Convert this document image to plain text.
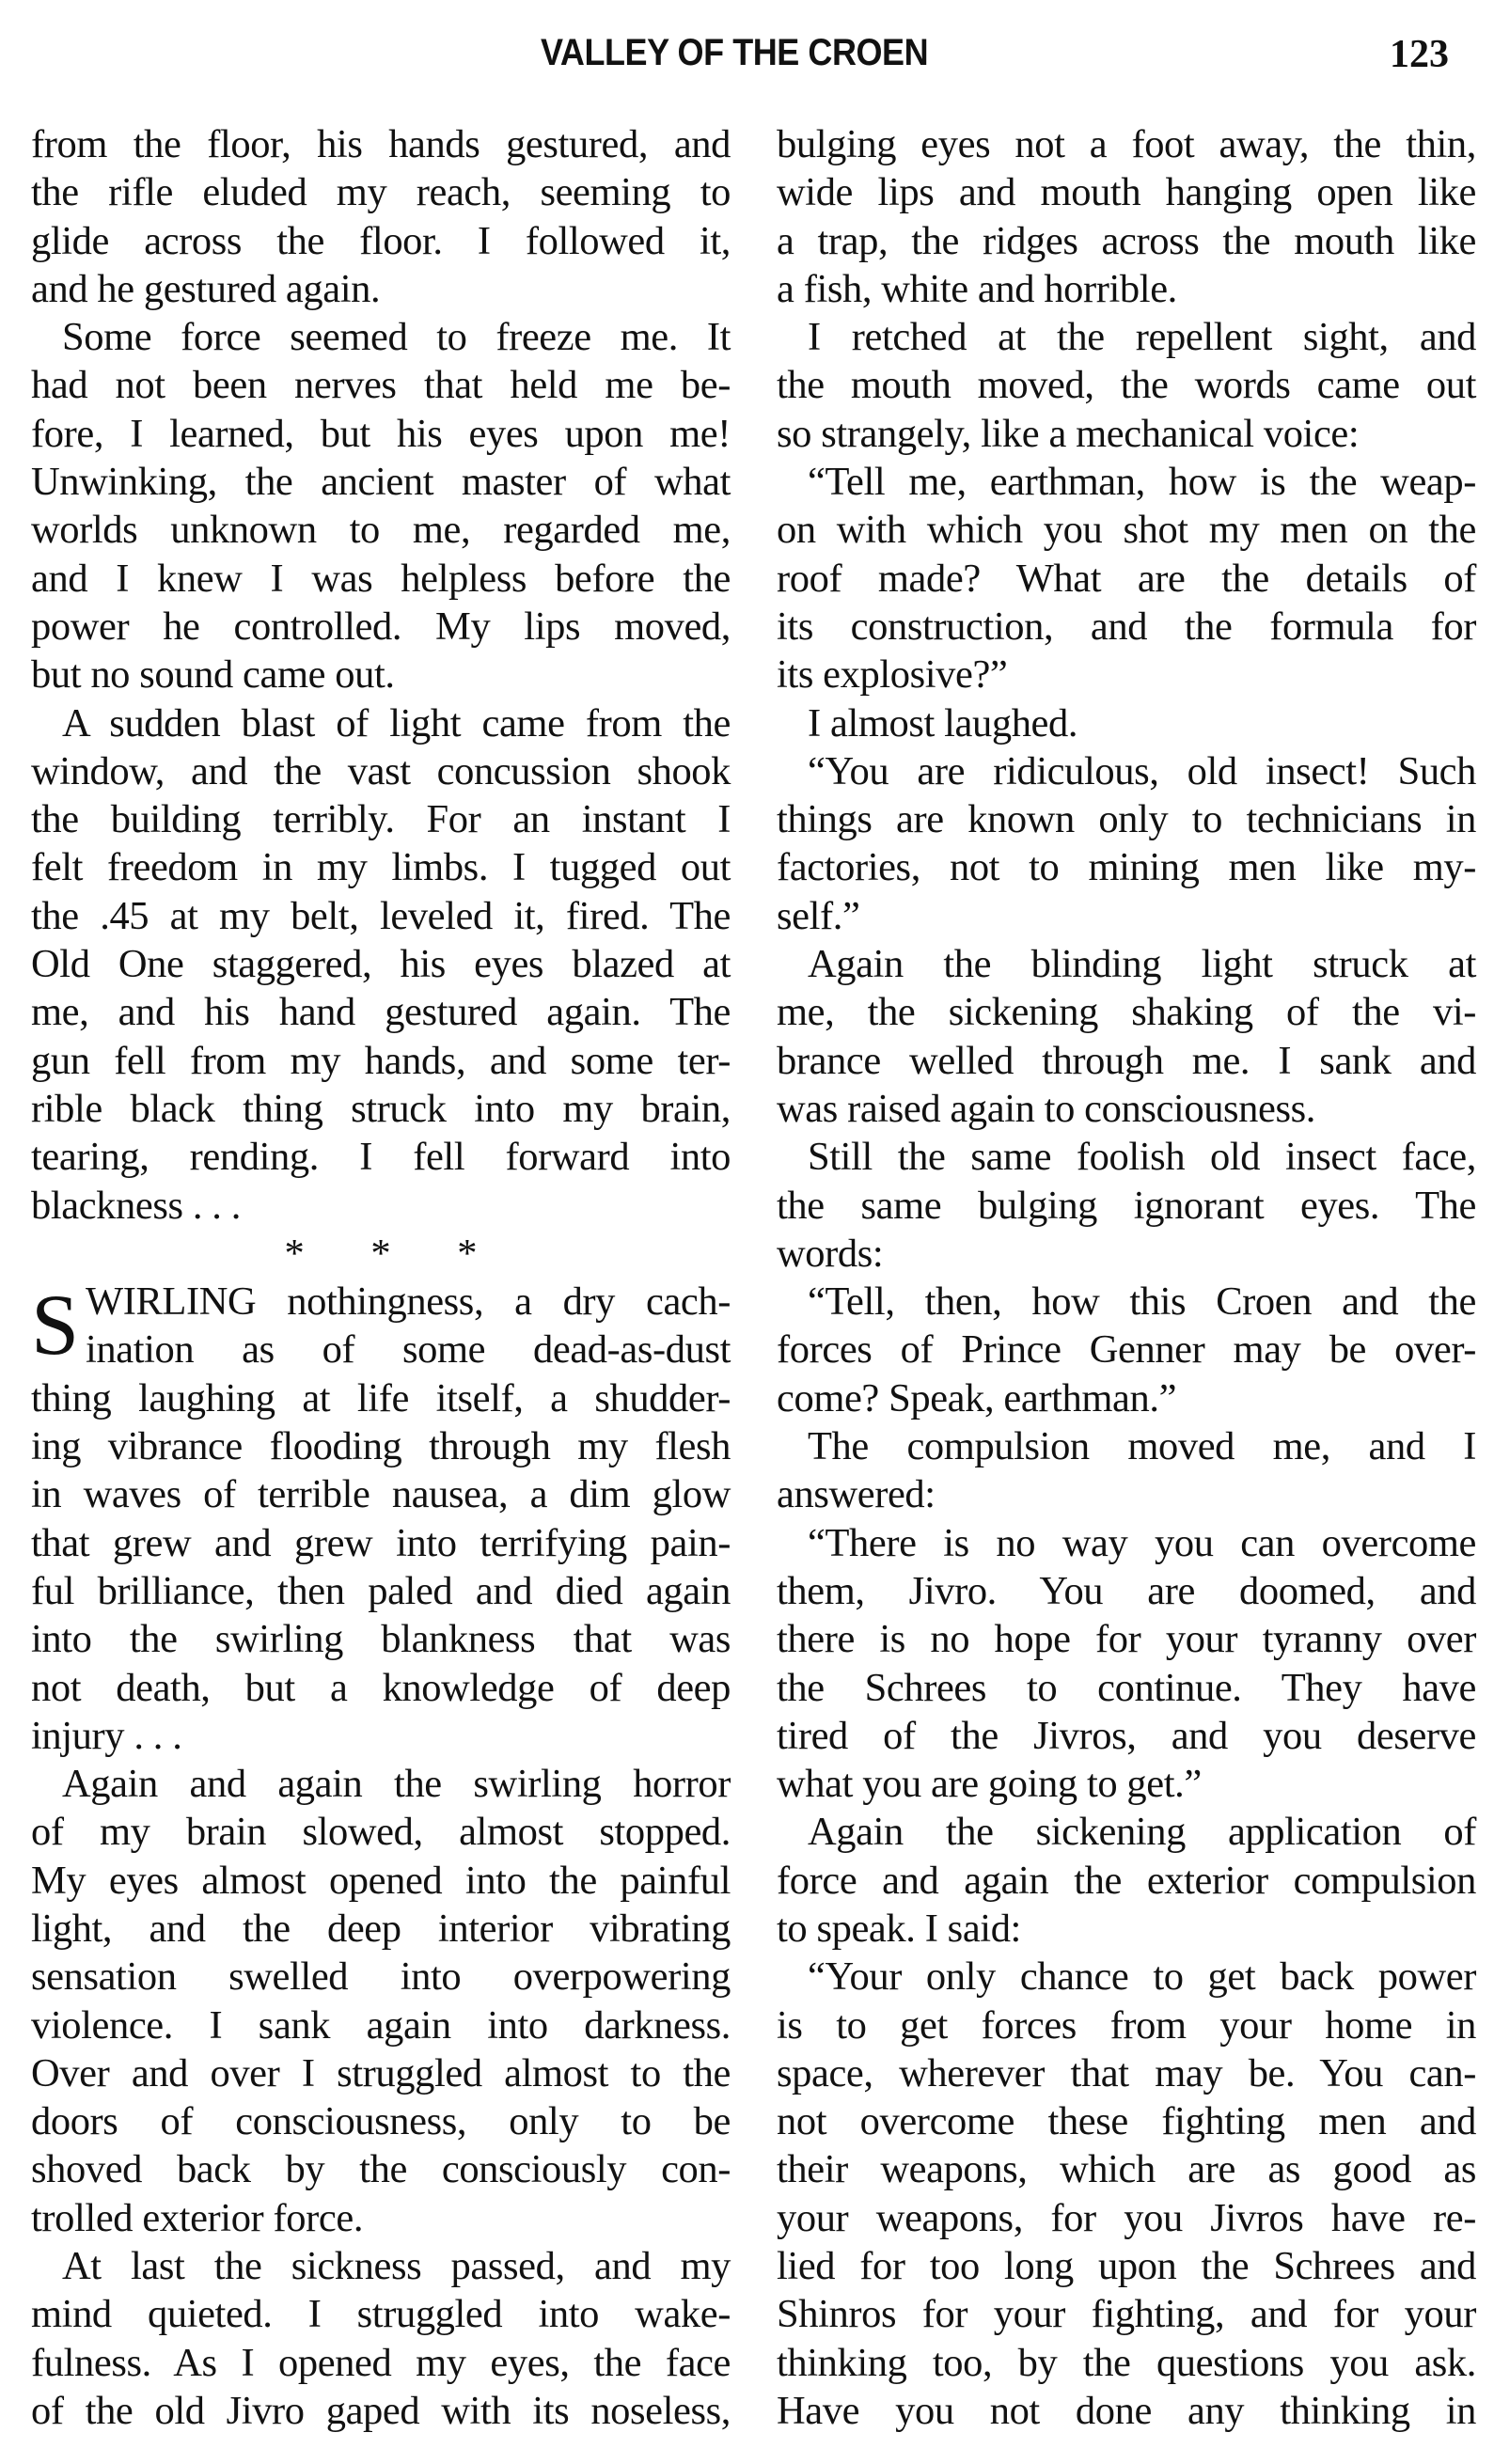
VALLEY OF THE CROEN	123
from the floor, his hands gestured, and
the rifle eluded my reach, seeming to
glide across the floor. I followed it,
and he gestured again.
Some force seemed to freeze me. It
had not been nerves that held me be-
fore, I learned, but his eyes upon me!
Unwinking, the ancient master of what
worlds unknown to me, regarded me,
and I knew I was helpless before the
power he controlled. My lips moved,
but no sound came out.
A sudden blast of light came from the
window, and the vast concussion shook
the building terribly. For an instant I
felt freedom in my limbs. I tugged out
the .45 at my belt, leveled it, fired. The
Old One staggered, his eyes blazed at
me, and his hand gestured again. The
gun fell from my hands, and some ter-
rible black thing struck into my brain,
tearing, rending. I fell forward into
blackness . . .
* * *
S WIRLING nothingness, a dry cach-
ination as of some dead-as-dust
thing laughing at life itself, a shudder-
ing vibrance flooding through my flesh
in waves of terrible nausea, a dim glow
that grew and grew into terrifying pain-
ful brilliance, then paled and died again
into the swirling blankness that was
not death, but a knowledge of deep
injury . . .
Again and again the swirling horror
of my brain slowed, almost stopped.
My eyes almost opened into the painful
light, and the deep interior vibrating
sensation swelled into overpowering
violence. I sank again into darkness.
Over and over I struggled almost to the
doors of consciousness, only to be
shoved back by the consciously con-
trolled exterior force.
At last the sickness passed, and my
mind quieted. I struggled into wake-
fulness. As I opened my eyes, the face
of the old Jivro gaped with its noseless,
bulging eyes not a foot away, the thin,
wide lips and mouth hanging open like
a trap, the ridges across the mouth like
a fish, white and horrible.
I retched at the repellent sight, and
the mouth moved, the words came out
so strangely, like a mechanical voice:
“Tell me, earthman, how is the weap-
on with which you shot my men on the
roof made? What are the details of
its construction, and the formula for
its explosive?”
I almost laughed.
“You are ridiculous, old insect! Such
things are known only to technicians in
factories, not to mining men like my-
self.”
Again the blinding light struck at
me, the sickening shaking of the vi-
brance welled through me. I sank and
was raised again to consciousness.
Still the same foolish old insect face,
the same bulging ignorant eyes. The
words:
“Tell, then, how this Croen and the
forces of Prince Genner may be over-
come? Speak, earthman.”
The compulsion moved me, and I
answered:
“There is no way you can overcome
them, Jivro. You are doomed, and
there is no hope for your tyranny over
the Schrees to continue. They have
tired of the Jivros, and you deserve
what you are going to get.”
Again the sickening application of
force and again the exterior compulsion
to speak. I said:
“Your only chance to get back power
is to get forces from your home in
space, wherever that may be. You can-
not overcome these fighting men and
their weapons, which are as good as
your weapons, for you Jivros have re-
lied for too long upon the Schrees and
Shinros for your fighting, and for your
thinking too, by the questions you ask.
Have you not done any thinking in
